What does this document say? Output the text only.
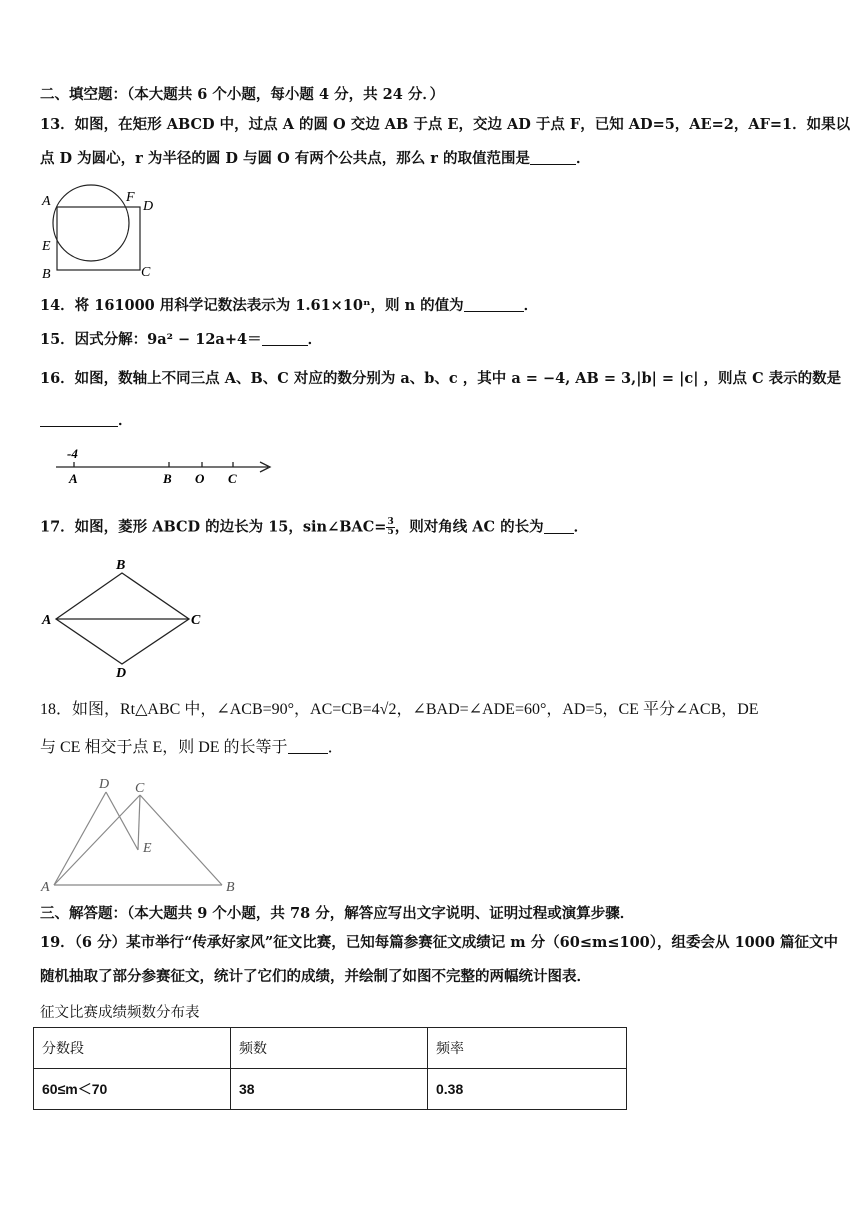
二、填空题：（本大题共 6 个小题，每小题 4 分，共 24 分．）
13．如图，在矩形 ABCD 中，过点 A 的圆 O 交边 AB 于点 E，交边 AD 于点 F，已知 AD=5，AE=2，AF=1．如果以
点 D 为圆心，r 为半径的圆 D 与圆 O 有两个公共点，那么 r 的取值范围是	．
A	F
D
E
B	C
14．将 161000 用科学记数法表示为 1.61×10ⁿ，则 n 的值为	．
15．因式分解：9a² − 12a+4＝	．
16．如图，数轴上不同三点 A、B、C 对应的数分别为 a、b、c ，其中 a = −4, AB = 3,|b| = |c| ，则点 C 表示的数是
．
-4
A	B O C
17．如图，菱形 ABCD 的边长为 15，sin∠BAC= $\frac{3}{5}$ ，则对角线 AC 的长为 ．
B
A	C
D
18．如图，Rt△ABC 中，∠ACB=90°，AC=CB=4√2，∠BAD=∠ADE=60°，AD=5，CE 平分∠ACB，DE
与 CE 相交于点 E，则 DE 的长等于	．
D C
E
A	B
三、解答题：（本大题共 9 个小题，共 78 分，解答应写出文字说明、证明过程或演算步骤．
19．（6 分）某市举行“传承好家风”征文比赛，已知每篇参赛征文成绩记 m 分（60≤m≤100），组委会从 1000 篇征文中
随机抽取了部分参赛征文，统计了它们的成绩，并绘制了如图不完整的两幅统计图表．
征文比赛成绩频数分布表
分数段	频数	频率
60≤m＜70	38	0.38
